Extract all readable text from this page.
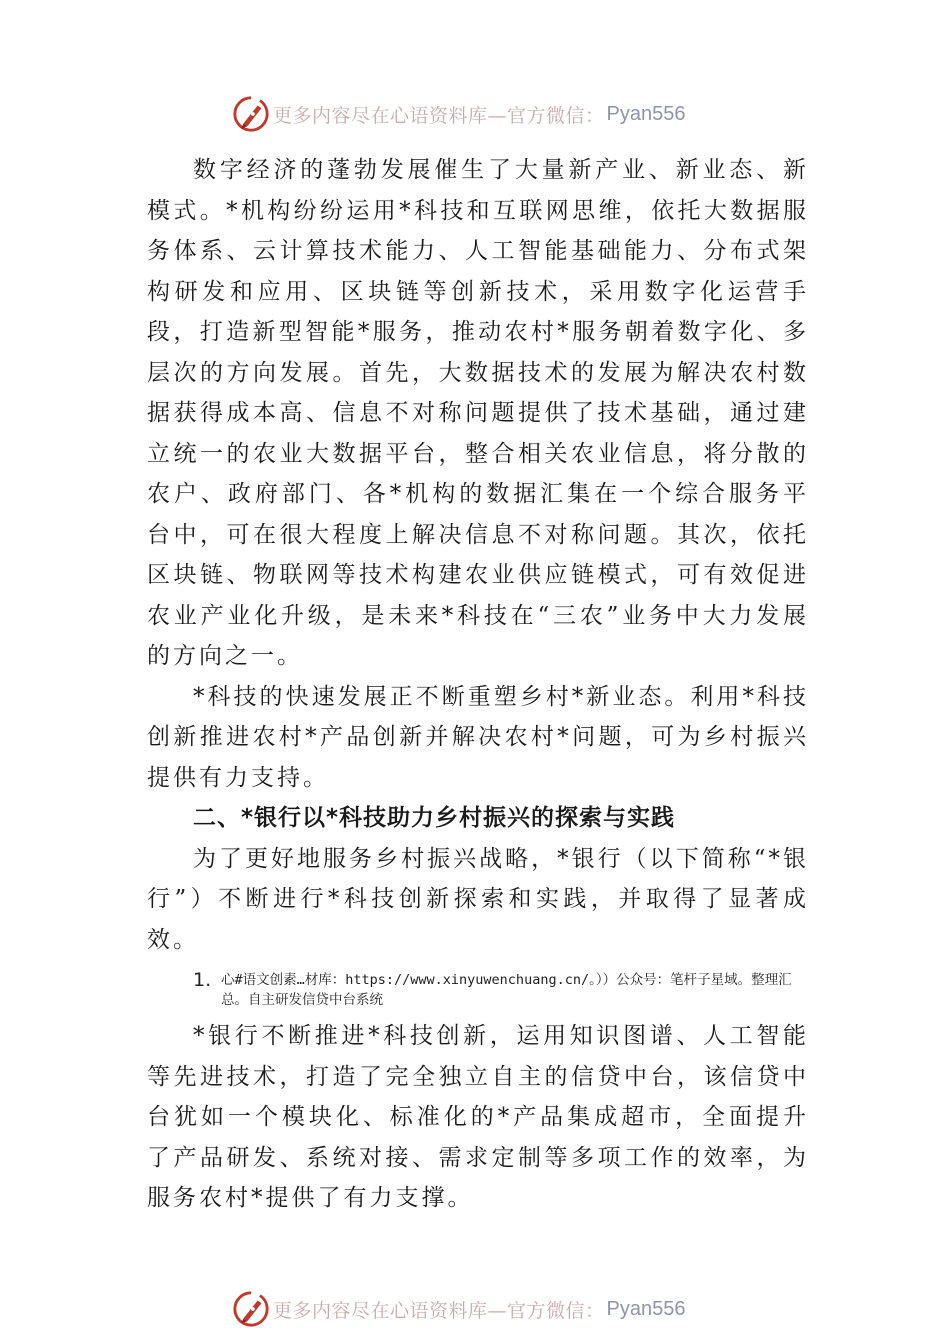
更多内容尽在心语资料库—官方微信： Pyan556

数字经济的蓬勃发展催生了大量新产业、新业态、新模式。*机构纷纷运用*科技和互联网思维，依托大数据服务体系、云计算技术能力、人工智能基础能力、分布式架构研发和应用、区块链等创新技术，采用数字化运营手段，打造新型智能*服务，推动农村*服务朝着数字化、多层次的方向发展。首先，大数据技术的发展为解决农村数据获得成本高、信息不对称问题提供了技术基础，通过建立统一的农业大数据平台，整合相关农业信息，将分散的农户、政府部门、各*机构的数据汇集在一个综合服务平台中，可在很大程度上解决信息不对称问题。其次，依托区块链、物联网等技术构建农业供应链模式，可有效促进农业产业化升级，是未来*科技在“三农”业务中大力发展的方向之一。

*科技的快速发展正不断重塑乡村*新业态。利用*科技创新推进农村*产品创新并解决农村*问题，可为乡村振兴提供有力支持。

二、*银行以*科技助力乡村振兴的探索与实践

为了更好地服务乡村振兴战略，*银行（以下简称“*银行”）不断进行*科技创新探索和实践，并取得了显著成效。

1. 心#语文创素…材库：https://www.xinyuwenchuang.cn/。））公众号：笔杆子星域。整理汇总。自主研发信贷中台系统

*银行不断推进*科技创新，运用知识图谱、人工智能等先进技术，打造了完全独立自主的信贷中台，该信贷中台犹如一个模块化、标准化的*产品集成超市，全面提升了产品研发、系统对接、需求定制等多项工作的效率，为服务农村*提供了有力支撑。

更多内容尽在心语资料库—官方微信： Pyan556
